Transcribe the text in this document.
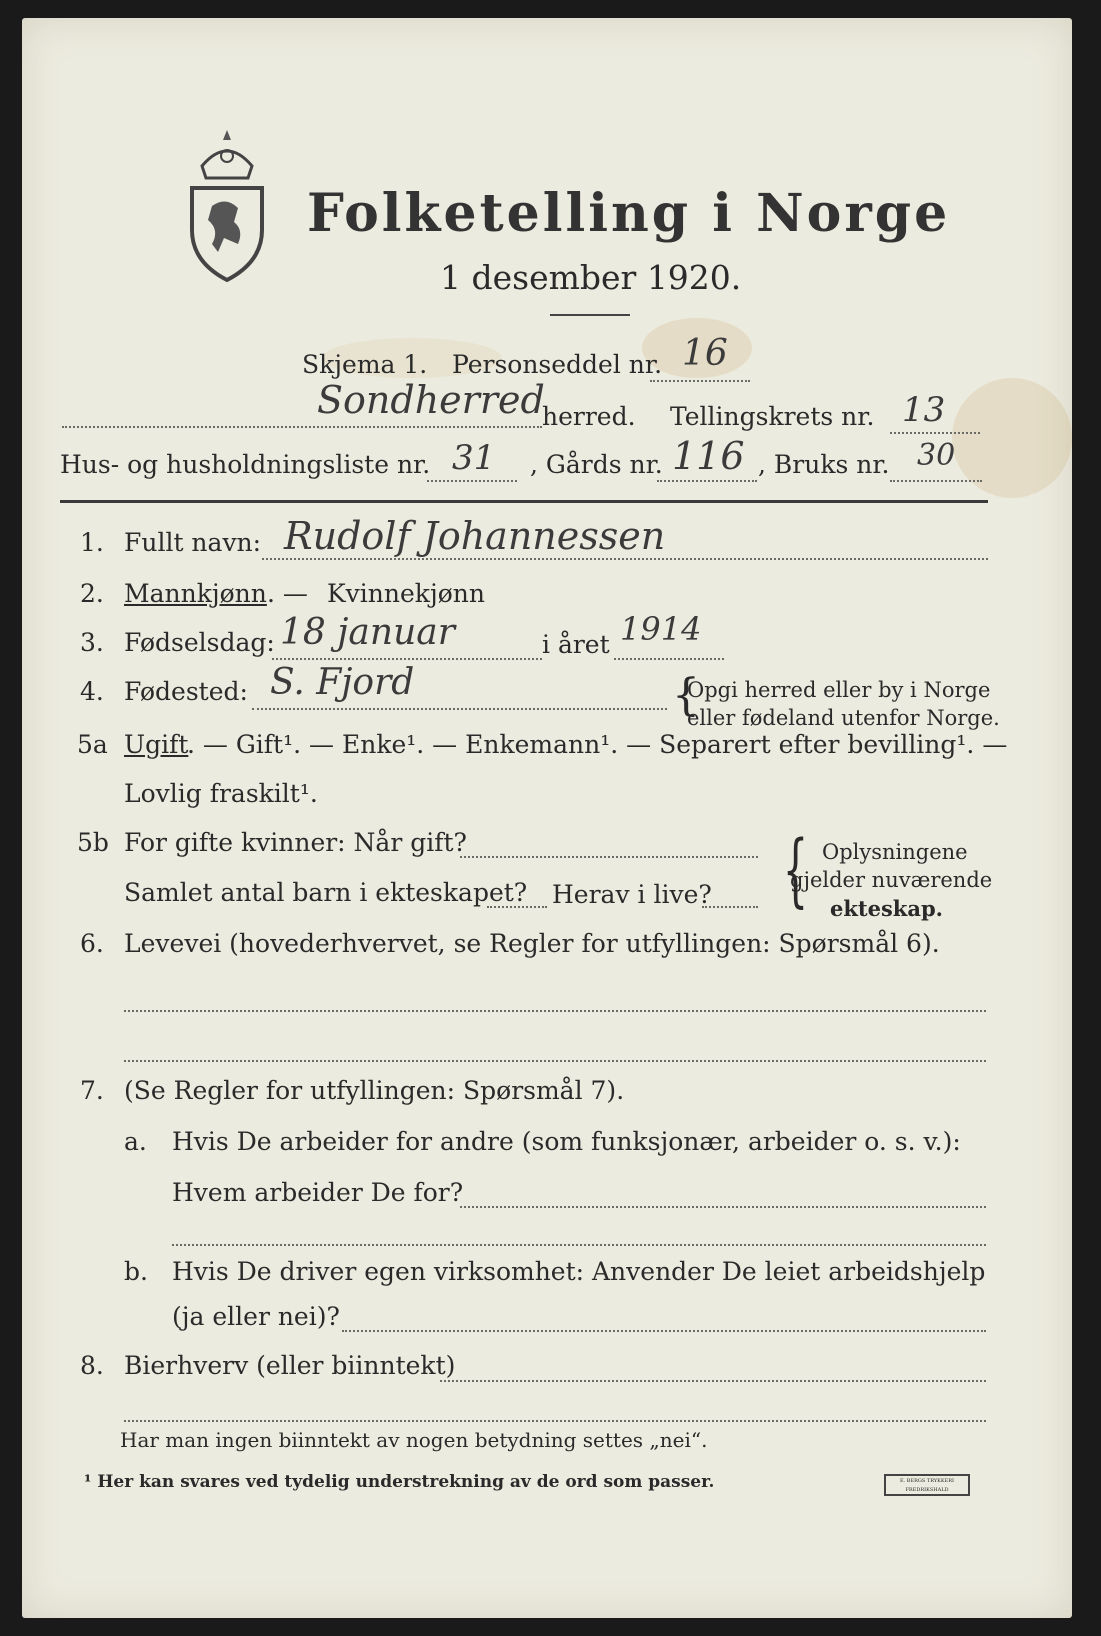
Folketelling i Norge
1 desember 1920.
Skjema 1. Personseddel nr. 16
Sondherred
herred. Tellingskrets nr. 13
Hus- og husholdningsliste nr. 31 , Gårds nr. 116 , Bruks nr. 30
1. Fullt navn: Rudolf Johannessen
2. Mannkjønn . — Kvinnekjønn
3. Fødselsdag: 18 januar	i året 1914
4. Fødested: S. Fjord	{
Opgi herred eller by i Norge
eller fødeland utenfor Norge.
5a Ugift
. — Gift¹. — Enke¹. — Enkemann¹. — Separert efter bevilling¹. —
Lovlig fraskilt¹.
5b For gifte kvinner: Når gift?
Samlet antal barn i ekteskapet? Herav i live? { Oplysningene
gjelder nuværende
ekteskap.
6. Levevei (hovederhvervet, se Regler for utfyllingen: Spørsmål 6).
7. (Se Regler for utfyllingen: Spørsmål 7).
a. Hvis De arbeider for andre (som funksjonær, arbeider o. s. v.):
Hvem arbeider De for?
b. Hvis De driver egen virksomhet: Anvender De leiet arbeidshjelp
(ja eller nei)?
8. Bierhverv (eller biinntekt)
Har man ingen biinntekt av nogen betydning settes „nei“.
¹ Her kan svares ved tydelig understrekning av de ord som passer.	E. BERGS TRYKKERI FREDRIKSHALD
